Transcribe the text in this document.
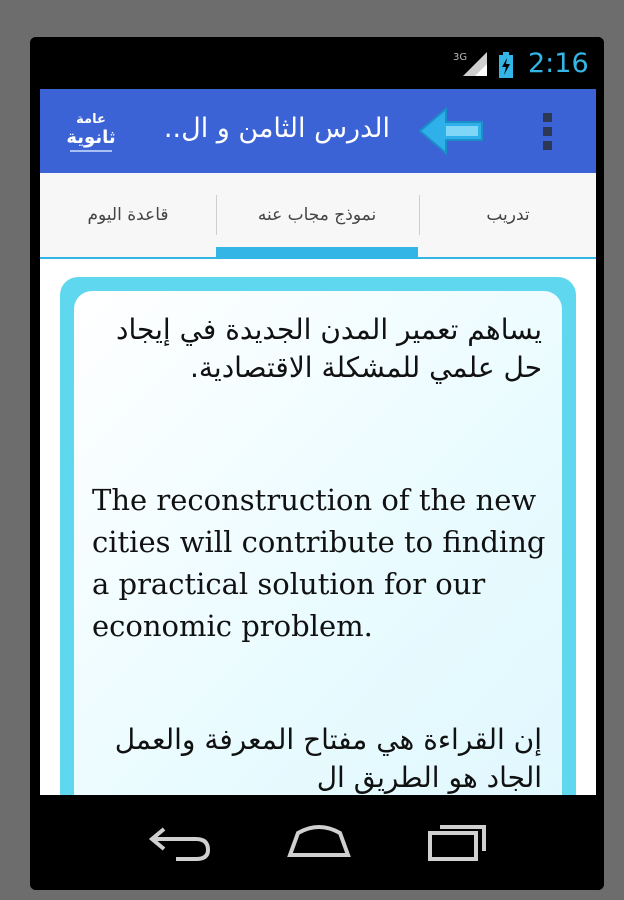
3G 2:16
عامة
ثانوية	الدرس الثامن و ال..
قاعدة اليوم	نموذج مجاب عنه	تدريب
يساهم تعمير المدن الجديدة في إيجاد حل علمي للمشكلة الاقتصادية.
The reconstruction of the new cities will contribute to finding a practical solution for our economic problem.
إن القراءة هي مفتاح المعرفة والعمل الجاد هو الطريق ال
